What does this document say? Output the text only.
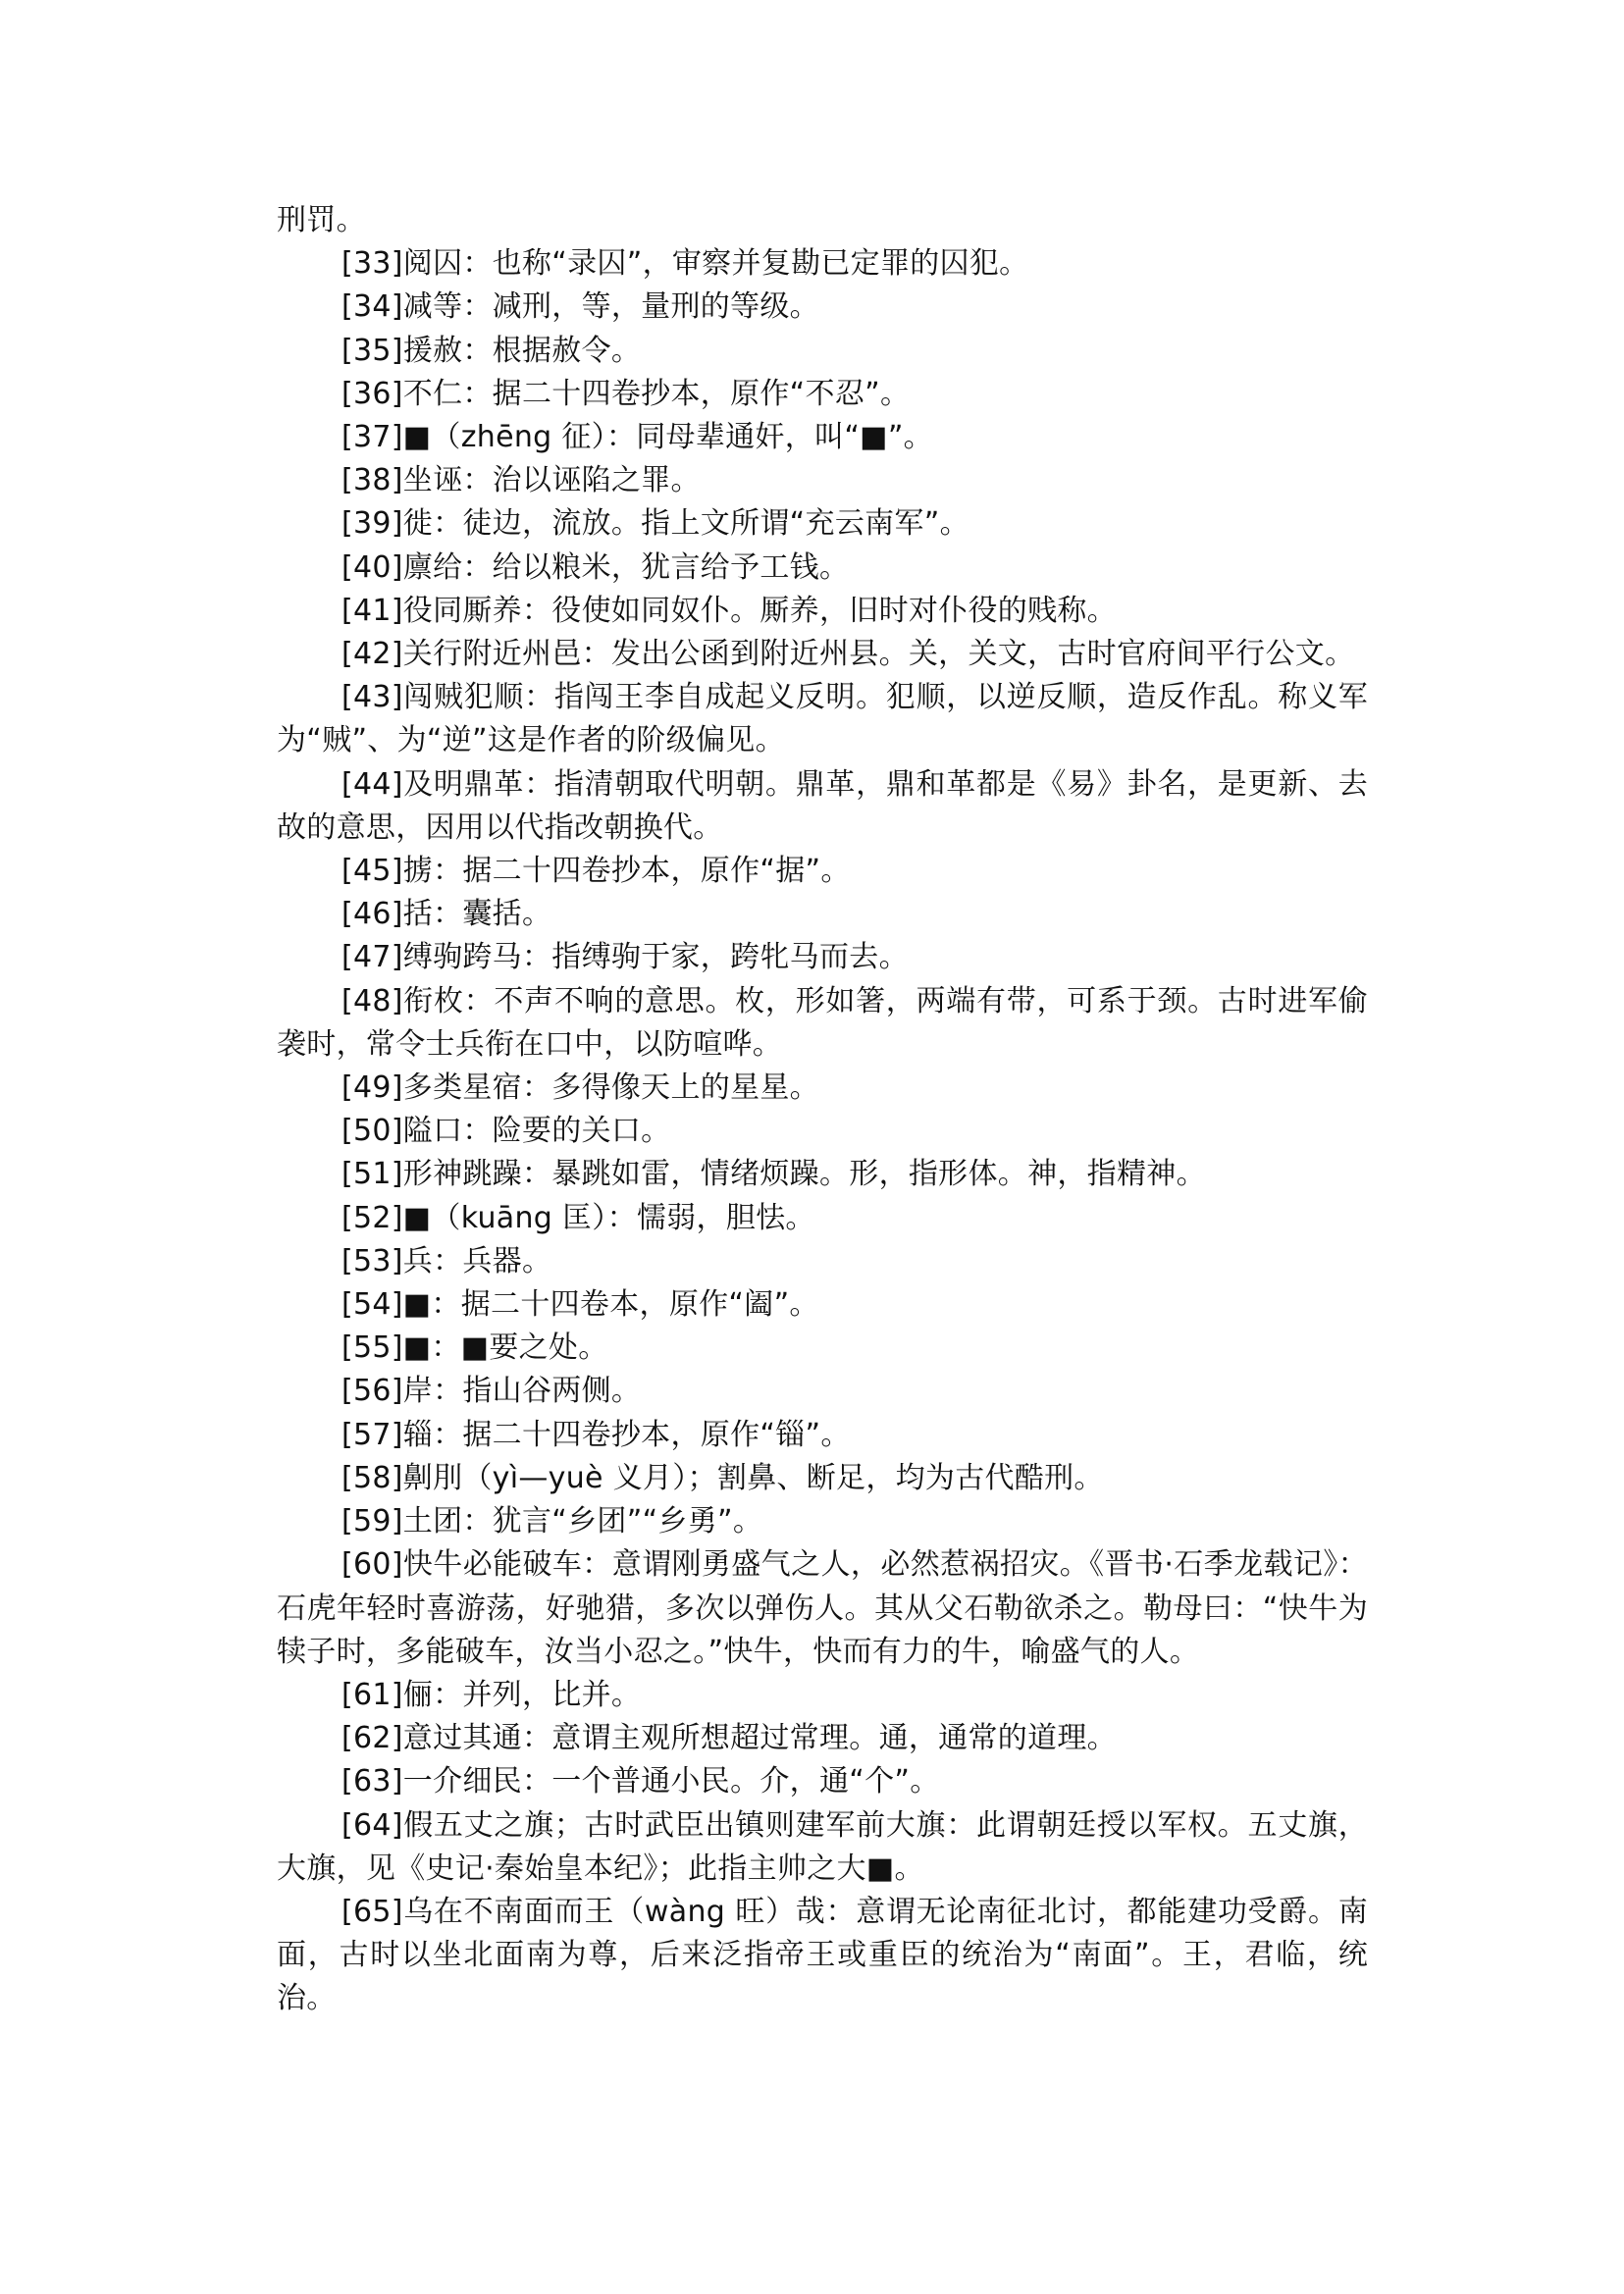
刑罚。

[33]阅囚：也称“录囚”，审察并复勘已定罪的囚犯。

[34]减等：减刑，等，量刑的等级。

[35]援赦：根据赦令。

[36]不仁：据二十四卷抄本，原作“不忍”。

[37]■（zhēng 征）：同母辈通奸，叫“■”。

[38]坐诬：治以诬陷之罪。

[39]徙：徒边，流放。指上文所谓“充云南军”。

[40]廪给：给以粮米，犹言给予工钱。

[41]役同厮养：役使如同奴仆。厮养，旧时对仆役的贱称。

[42]关行附近州邑：发出公函到附近州县。关，关文，古时官府间平行公文。

[43]闯贼犯顺：指闯王李自成起义反明。犯顺，以逆反顺，造反作乱。称义军为“贼”、为“逆”这是作者的阶级偏见。

[44]及明鼎革：指清朝取代明朝。鼎革，鼎和革都是《易》卦名，是更新、去故的意思，因用以代指改朝换代。

[45]掳：据二十四卷抄本，原作“据”。

[46]括：囊括。

[47]缚驹跨马：指缚驹于家，跨牝马而去。

[48]衔枚：不声不响的意思。枚，形如箸，两端有带，可系于颈。古时进军偷袭时，常令士兵衔在口中，以防喧哗。

[49]多类星宿：多得像天上的星星。

[50]隘口：险要的关口。

[51]形神跳躁：暴跳如雷，情绪烦躁。形，指形体。神，指精神。

[52]■（kuāng 匡）：懦弱，胆怯。

[53]兵：兵器。

[54]■：据二十四卷本，原作“阖”。

[55]■：■要之处。

[56]岸：指山谷两侧。

[57]辎：据二十四卷抄本，原作“锱”。

[58]劓刖（yì—yuè 义月）；割鼻、断足，均为古代酷刑。

[59]土团：犹言“乡团”“乡勇”。

[60]快牛必能破车：意谓刚勇盛气之人，必然惹祸招灾。《晋书·石季龙载记》：石虎年轻时喜游荡，好驰猎，多次以弹伤人。其从父石勒欲杀之。勒母曰：“快牛为犊子时，多能破车，汝当小忍之。”快牛，快而有力的牛，喻盛气的人。

[61]俪：并列，比并。

[62]意过其通：意谓主观所想超过常理。通，通常的道理。

[63]一介细民：一个普通小民。介，通“个”。

[64]假五丈之旗；古时武臣出镇则建军前大旗：此谓朝廷授以军权。五丈旗，大旗，见《史记·秦始皇本纪》；此指主帅之大■。

[65]乌在不南面而王（wàng 旺）哉：意谓无论南征北讨，都能建功受爵。南面，古时以坐北面南为尊，后来泛指帝王或重臣的统治为“南面”。王，君临，统治。
